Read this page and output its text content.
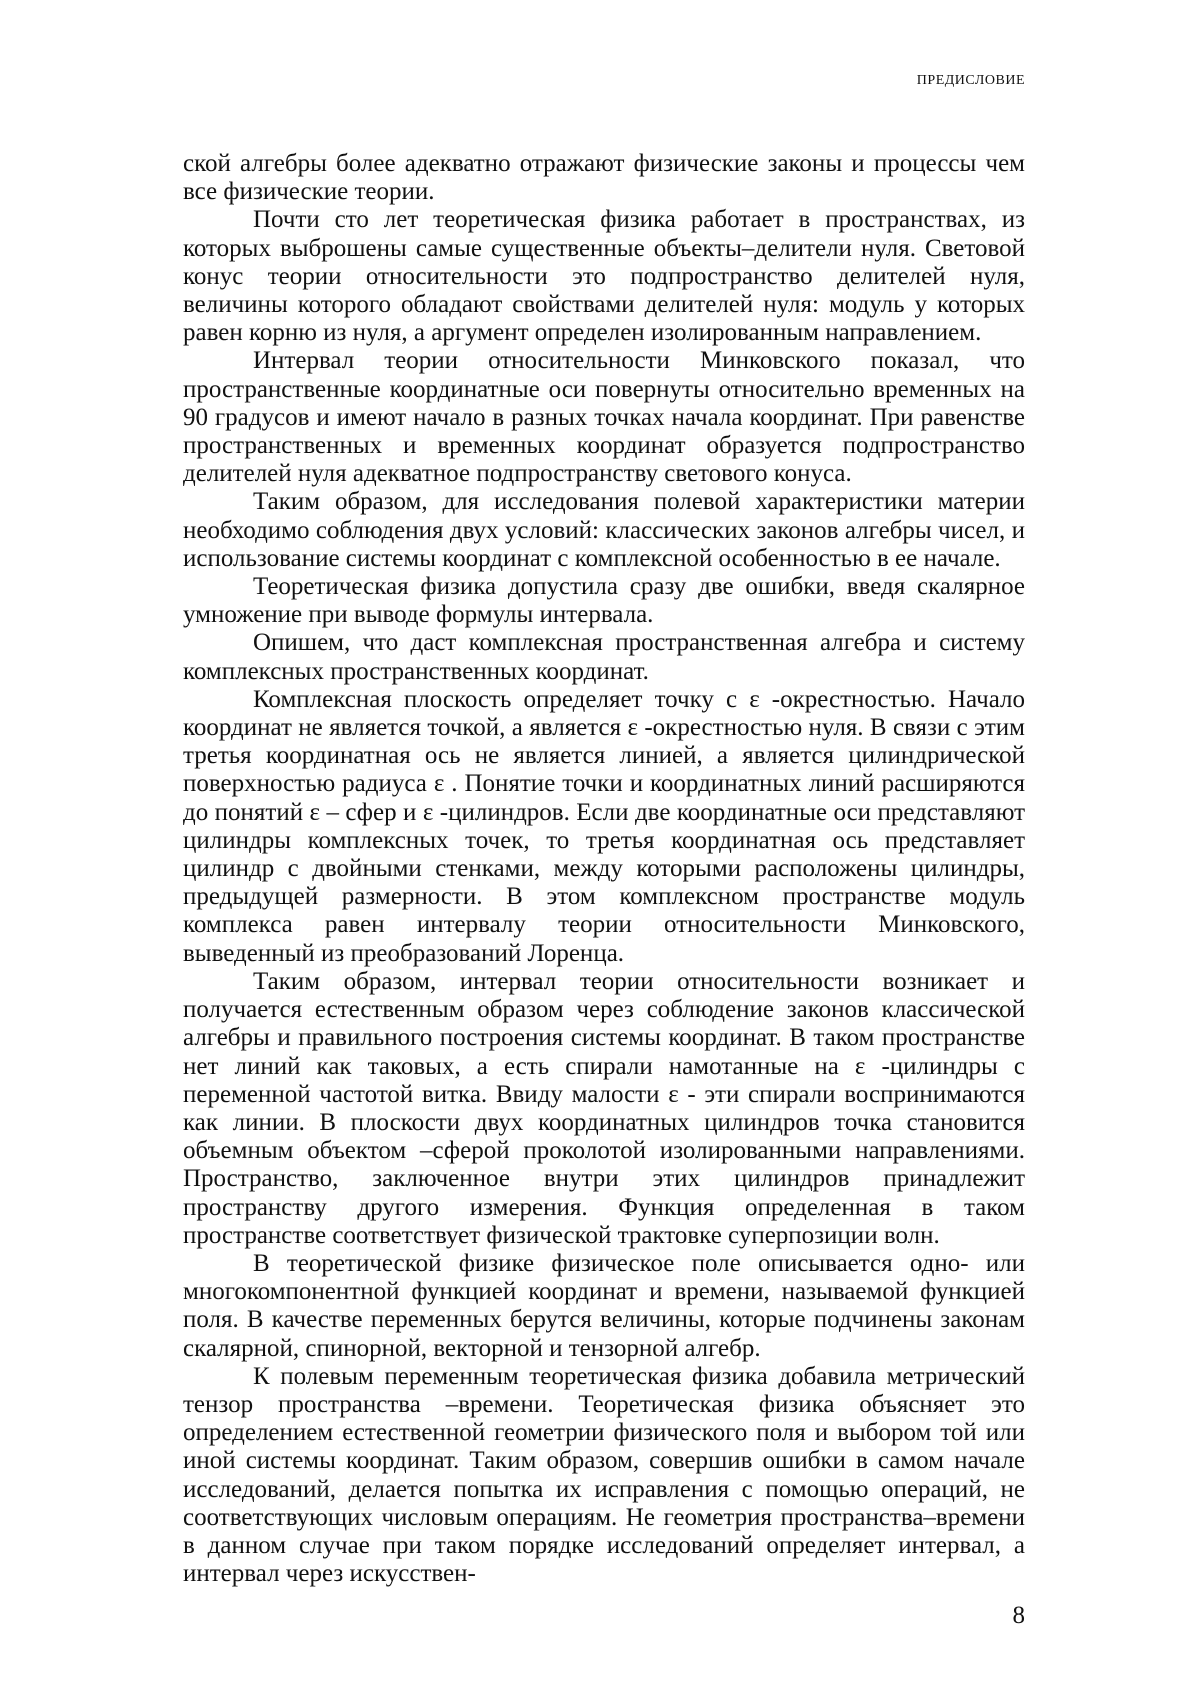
ПРЕДИСЛОВИЕ

ской алгебры более адекватно отражают физические законы и процессы чем все физические теории.

Почти сто лет теоретическая физика работает в пространствах, из которых выброшены самые существенные объекты–делители нуля. Световой конус теории относительности это подпространство делителей нуля, величины которого обладают свойствами делителей нуля: модуль у которых равен корню из нуля, а аргумент определен изолированным направлением.

Интервал теории относительности Минковского показал, что пространственные координатные оси повернуты относительно временных на 90 градусов и имеют начало в разных точках начала координат. При равенстве пространственных и временных координат образуется подпространство делителей нуля адекватное подпространству светового конуса.

Таким образом, для исследования полевой характеристики материи необходимо соблюдения двух условий: классических законов алгебры чисел, и использование системы координат с комплексной особенностью в ее начале.

Теоретическая физика допустила сразу две ошибки, введя скалярное умножение при выводе формулы интервала.

Опишем, что даст комплексная пространственная алгебра и систему комплексных пространственных координат.

Комплексная плоскость определяет точку с ε -окрестностью. Начало координат не является точкой, а является ε -окрестностью нуля. В связи с этим третья координатная ось не является линией, а является цилиндрической поверхностью радиуса ε . Понятие точки и координатных линий расширяются до понятий ε – сфер и ε -цилиндров. Если две координатные оси представляют цилиндры комплексных точек, то третья координатная ось представляет цилиндр с двойными стенками, между которыми расположены цилиндры, предыдущей размерности. В этом комплексном пространстве модуль комплекса равен интервалу теории относительности Минковского, выведенный из преобразований Лоренца.

Таким образом, интервал теории относительности возникает и получается естественным образом через соблюдение законов классической алгебры и правильного построения системы координат. В таком пространстве нет линий как таковых, а есть спирали намотанные на ε -цилиндры с переменной частотой витка. Ввиду малости ε - эти спирали воспринимаются как линии. В плоскости двух координатных цилиндров точка становится объемным объектом –сферой проколотой изолированными направлениями. Пространство, заключенное внутри этих цилиндров принадлежит пространству другого измерения. Функция определенная в таком пространстве соответствует физической трактовке суперпозиции волн.

В теоретической физике физическое поле описывается одно- или многокомпонентной функцией координат и времени, называемой функцией поля. В качестве переменных берутся величины, которые подчинены законам скалярной, спинорной, векторной и тензорной алгебр.

К полевым переменным теоретическая физика добавила метрический тензор пространства –времени. Теоретическая физика объясняет это определением естественной геометрии физического поля и выбором той или иной системы координат. Таким образом, совершив ошибки в самом начале исследований, делается попытка их исправления с помощью операций, не соответствующих числовым операциям. Не геометрия пространства–времени в данном случае при таком порядке исследований определяет интервал, а интервал через искусствен-

8
